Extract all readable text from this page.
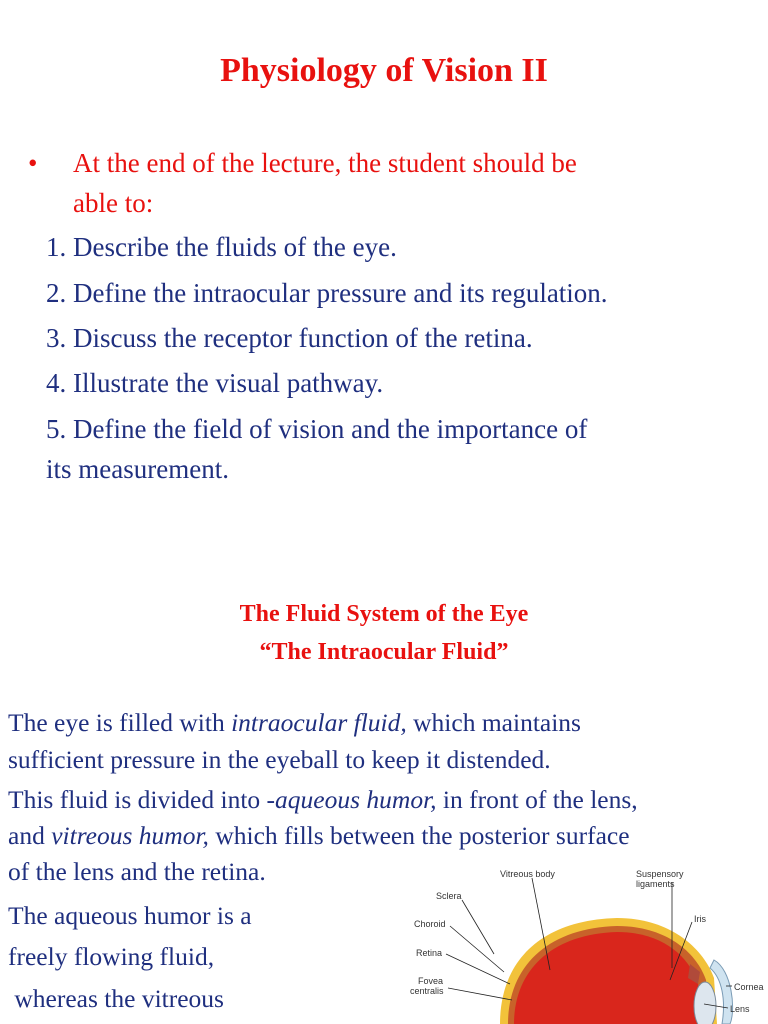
Physiology of Vision II
• At the end of the lecture, the student should be
able to:
1. Describe the fluids of the eye.
2. Define the intraocular pressure and its regulation.
3. Discuss the receptor function of the retina.
4. Illustrate the visual pathway.
5. Define the field of vision and the importance of
its measurement.
The Fluid System of the Eye
“The Intraocular Fluid”
The eye is filled with intraocular fluid, which maintains
sufficient pressure in the eyeball to keep it distended.
This fluid is divided into -aqueous humor, in front of the lens,
and vitreous humor, which fills between the posterior surface
of the lens and the retina.
The aqueous humor is a
freely flowing fluid,
whereas the vitreous
Vitreous body	Suspensory
ligaments
Sclera
Choroid	Iris
Retina
Fovea
centralis	Cornea
Lens
